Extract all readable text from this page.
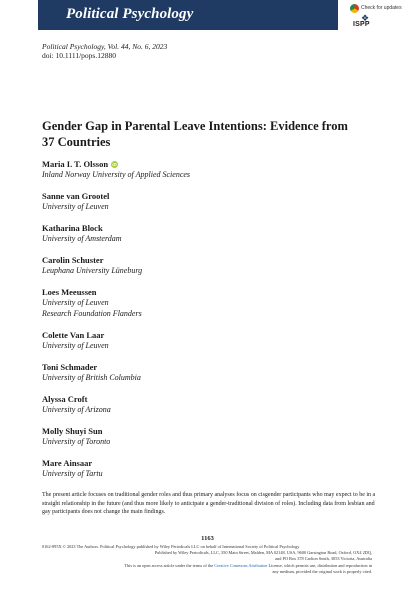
Political Psychology	Check for updates
❖
ISPP
Political Psychology, Vol. 44, No. 6, 2023
doi: 10.1111/pops.12880
Gender Gap in Parental Leave Intentions: Evidence from 37 Countries
Maria I. T. Olsson iD
Inland Norway University of Applied Sciences
Sanne van Grootel
University of Leuven
Katharina Block
University of Amsterdam
Carolin Schuster
Leuphana University Lüneburg
Loes Meeussen
University of Leuven
Research Foundation Flanders
Colette Van Laar
University of Leuven
Toni Schmader
University of British Columbia
Alyssa Croft
University of Arizona
Molly Shuyi Sun
University of Toronto
Mare Ainsaar
University of Tartu

The present article focuses on traditional gender roles and thus primary analyses focus on cisgender participants who may expect to be in a straight relationship in the future (and thus more likely to anticipate a gender-traditional division of roles). Including data from lesbian and gay participants does not change the main findings.

1163
0162-895X © 2023 The Authors. Political Psychology published by Wiley Periodicals LLC on behalf of International Society of Political Psychology
Published by Wiley Periodicals, LLC, 350 Main Street, Malden, MA 02148, USA, 9600 Garsington Road, Oxford, OX4 2DQ,
and PO Box 378 Carlton South, 3053 Victoria, Australia
This is an open access article under the terms of the Creative Commons Attribution License, which permits use, distribution and reproduction in
any medium, provided the original work is properly cited.
